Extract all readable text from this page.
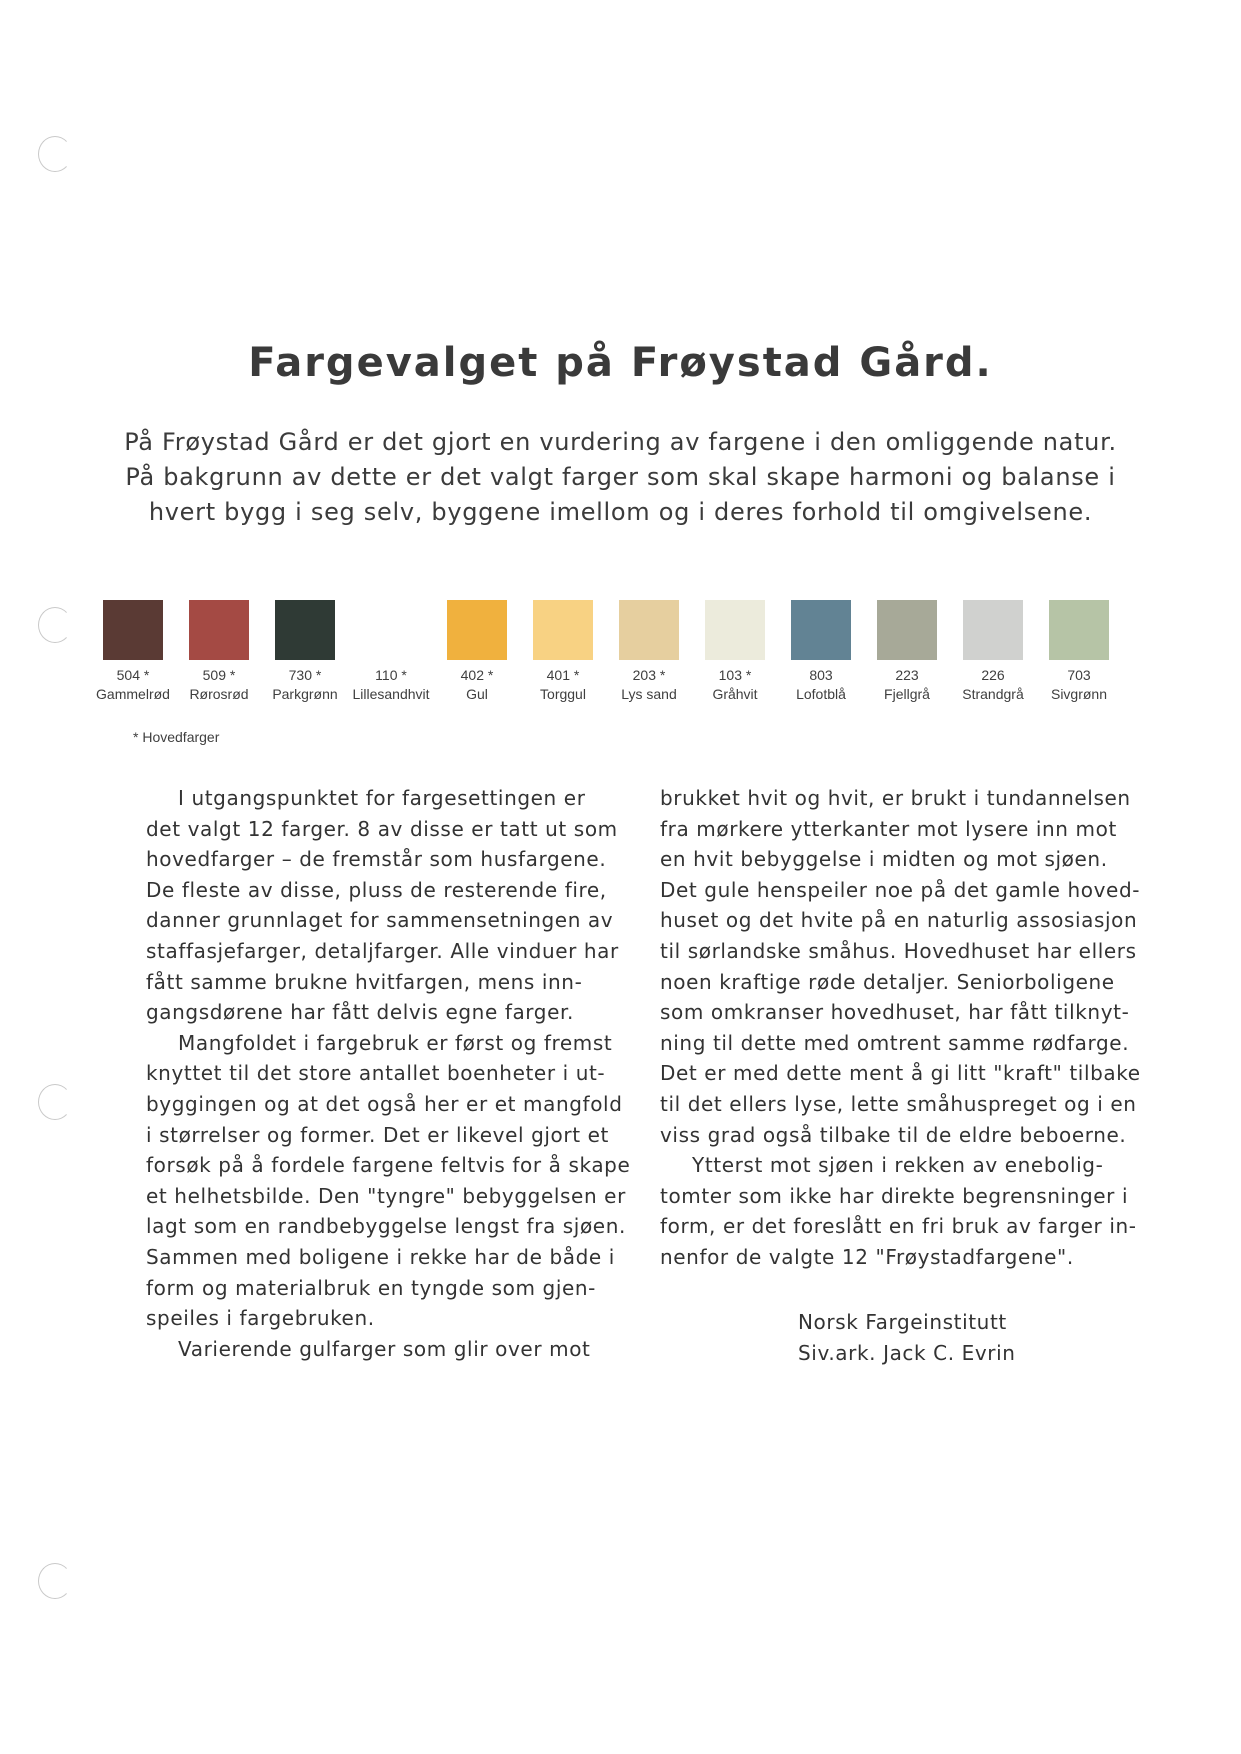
Fargevalget på Frøystad Gård.
På Frøystad Gård er det gjort en vurdering av fargene i den omliggende natur.
På bakgrunn av dette er det valgt farger som skal skape harmoni og balanse i
hvert bygg i seg selv, byggene imellom og i deres forhold til omgivelsene.
504 *
Gammelrød
509 *
Rørosrød
730 *
Parkgrønn
110 *
Lillesandhvit
402 *
Gul
401 *
Torggul
203 *
Lys sand
103 *
Gråhvit
803
Lofotblå
223
Fjellgrå
226
Strandgrå
703
Sivgrønn
* Hovedfarger
I utgangspunktet for fargesettingen er
det valgt 12 farger. 8 av disse er tatt ut som
hovedfarger – de fremstår som husfargene.
De fleste av disse, pluss de resterende fire,
danner grunnlaget for sammensetningen av
staffasjefarger, detaljfarger. Alle vinduer har
fått samme brukne hvitfargen, mens inn-
gangsdørene har fått delvis egne farger.
Mangfoldet i fargebruk er først og fremst
knyttet til det store antallet boenheter i ut-
byggingen og at det også her er et mangfold
i størrelser og former. Det er likevel gjort et
forsøk på å fordele fargene feltvis for å skape
et helhetsbilde. Den "tyngre" bebyggelsen er
lagt som en randbebyggelse lengst fra sjøen.
Sammen med boligene i rekke har de både i
form og materialbruk en tyngde som gjen-
speiles i fargebruken.
Varierende gulfarger som glir over mot
brukket hvit og hvit, er brukt i tundannelsen
fra mørkere ytterkanter mot lysere inn mot
en hvit bebyggelse i midten og mot sjøen.
Det gule henspeiler noe på det gamle hoved-
huset og det hvite på en naturlig assosiasjon
til sørlandske småhus. Hovedhuset har ellers
noen kraftige røde detaljer. Seniorboligene
som omkranser hovedhuset, har fått tilknyt-
ning til dette med omtrent samme rødfarge.
Det er med dette ment å gi litt "kraft" tilbake
til det ellers lyse, lette småhuspreget og i en
viss grad også tilbake til de eldre beboerne.
Ytterst mot sjøen i rekken av enebolig-
tomter som ikke har direkte begrensninger i
form, er det foreslått en fri bruk av farger in-
nenfor de valgte 12 "Frøystadfargene".
Norsk Fargeinstitutt
Siv.ark. Jack C. Evrin
